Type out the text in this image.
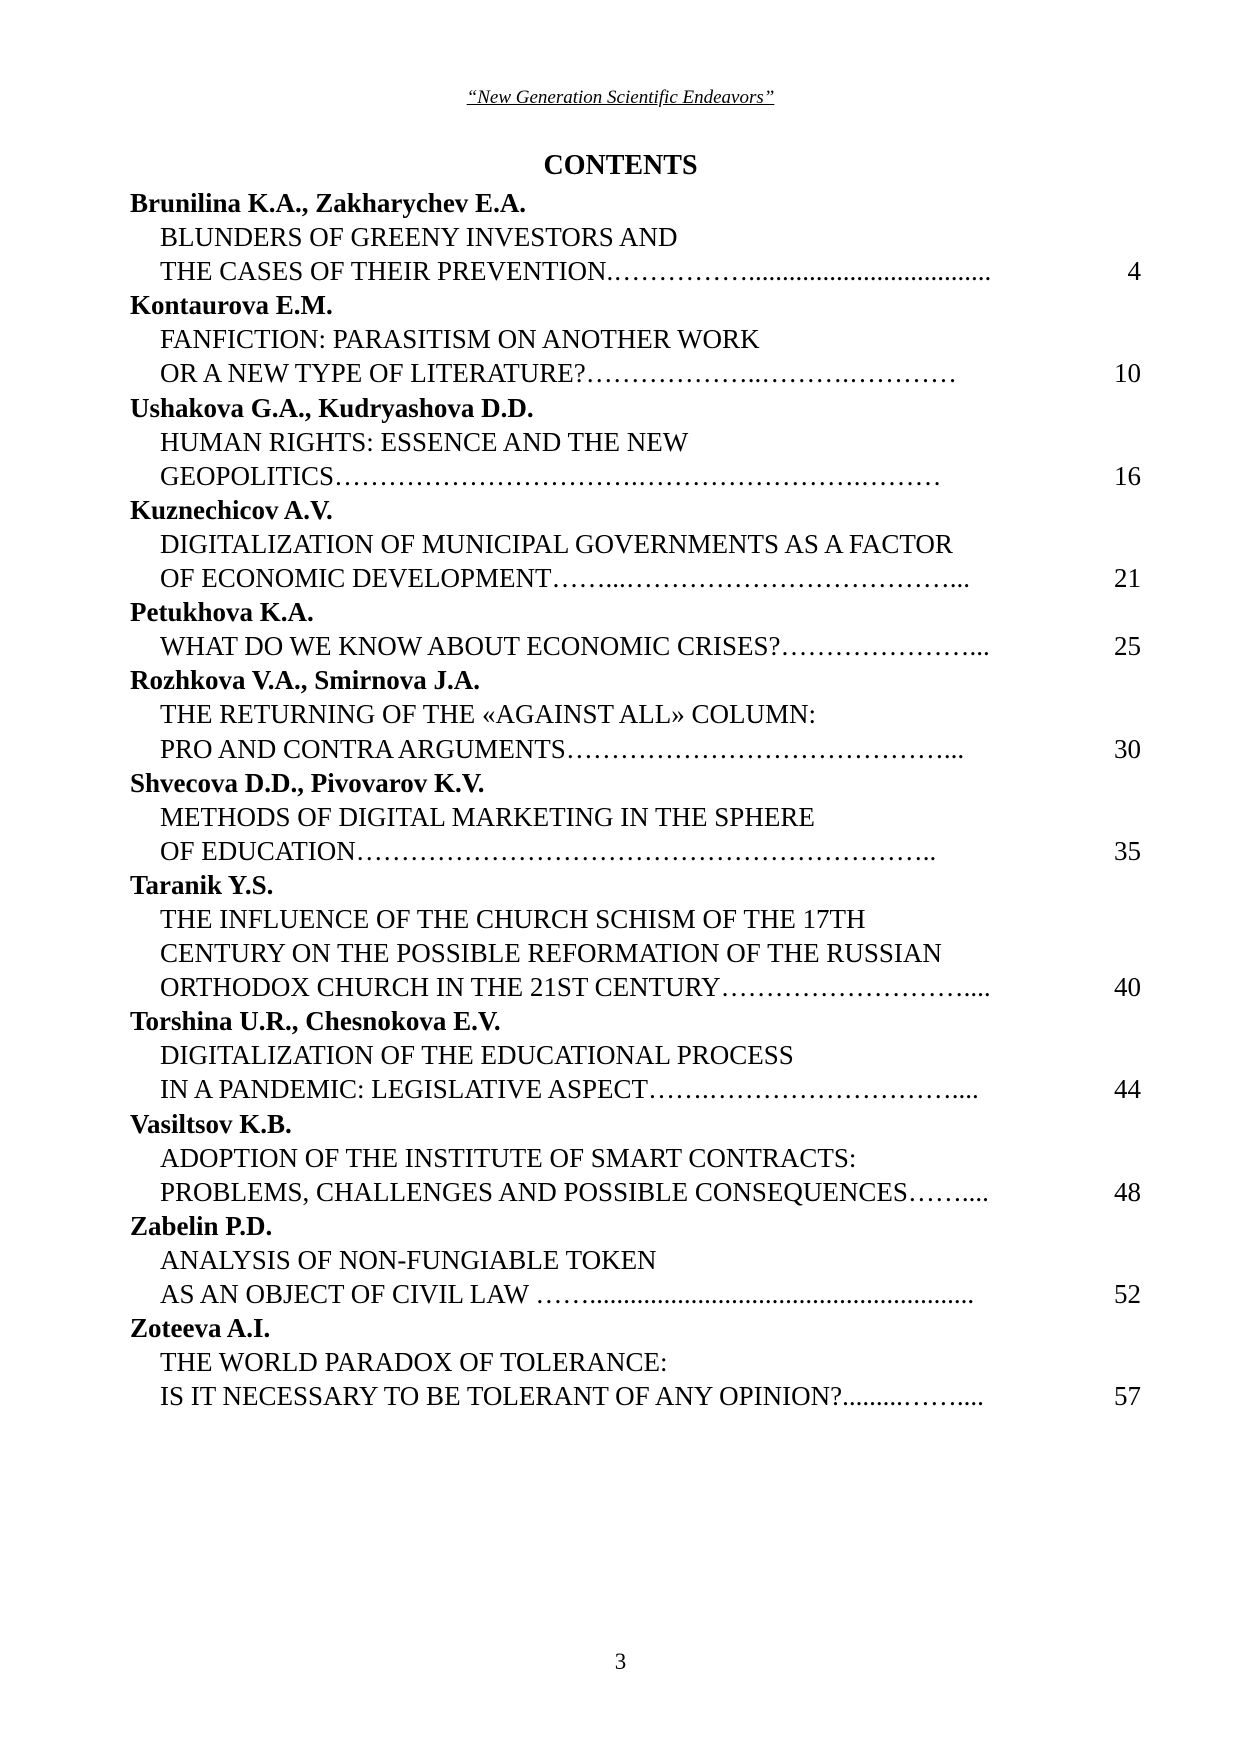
“New Generation Scientific Endeavors”
CONTENTS
Brunilina K.A., Zakharychev E.A.
BLUNDERS OF GREENY INVESTORS AND
THE CASES OF THEIR PREVENTION.……………....................................	4
Kontaurova E.M.
FANFICTION: PARASITISM ON ANOTHER WORK
OR A NEW TYPE OF LITERATURE?………………..……….…………	10
Ushakova G.A., Kudryashova D.D.
HUMAN RIGHTS: ESSENCE AND THE NEW
GEOPOLITICS…………………………….…………………….………	16
Kuznechicov A.V.
DIGITALIZATION OF MUNICIPAL GOVERNMENTS AS A FACTOR
OF ECONOMIC DEVELOPMENT……...………………………………...	21
Petukhova K.A.
WHAT DO WE KNOW ABOUT ECONOMIC CRISES?…………………...	25
Rozhkova V.A., Smirnova J.A.
THE RETURNING OF THE «AGAINST ALL» COLUMN:
PRO AND CONTRA ARGUMENTS……………………………………...	30
Shvecova D.D., Pivovarov K.V.
METHODS OF DIGITAL MARKETING IN THE SPHERE
OF EDUCATION………………………………………………………..	35
Taranik Y.S.
THE INFLUENCE OF THE CHURCH SCHISM OF THE 17TH
CENTURY ON THE POSSIBLE REFORMATION OF THE RUSSIAN
ORTHODOX CHURCH IN THE 21ST CENTURY………………………....	40
Torshina U.R., Chesnokova E.V.
DIGITALIZATION OF THE EDUCATIONAL PROCESS
IN A PANDEMIC: LEGISLATIVE ASPECT…….………………………....	44
Vasiltsov K.B.
ADOPTION OF THE INSTITUTE OF SMART CONTRACTS:
PROBLEMS, CHALLENGES AND POSSIBLE CONSEQUENCES……....	48
Zabelin P.D.
ANALYSIS OF NON-FUNGIABLE TOKEN
AS AN OBJECT OF CIVIL LAW …….........................................................	52
Zoteeva A.I.
THE WORLD PARADOX OF TOLERANCE:
IS IT NECESSARY TO BE TOLERANT OF ANY OPINION?.........……....	57
3
